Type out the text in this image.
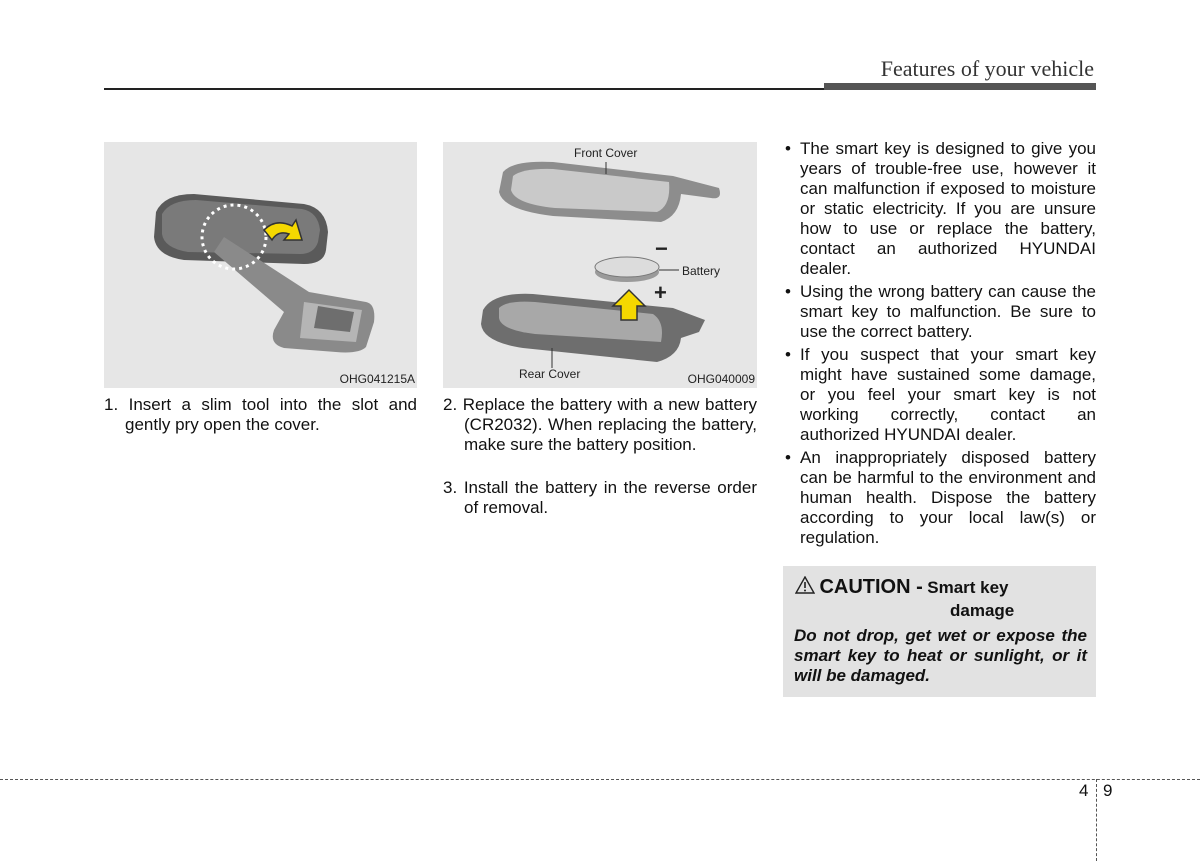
Features of your vehicle
OHG041215A
Front Cover
Battery
Rear Cover
−
+
OHG040009
1. Insert a slim tool into the slot and gently pry open the cover.
2. Replace the battery with a new battery (CR2032). When replacing the battery, make sure the battery position.
3. Install the battery in the reverse order of removal.
• The smart key is designed to give you years of trouble-free use, however it can malfunction if exposed to moisture or static electricity. If you are unsure how to use or replace the battery, contact an authorized HYUNDAI dealer.
• Using the wrong battery can cause the smart key to malfunction. Be sure to use the correct battery.
• If you suspect that your smart key might have sustained some damage, or you feel your smart key is not working correctly, contact an authorized HYUNDAI dealer.
• An inappropriately disposed battery can be harmful to the environment and human health. Dispose the battery according to your local law(s) or regulation.
CAUTION - Smart key
damage
Do not drop, get wet or expose the smart key to heat or sunlight, or it will be damaged.
4 9
